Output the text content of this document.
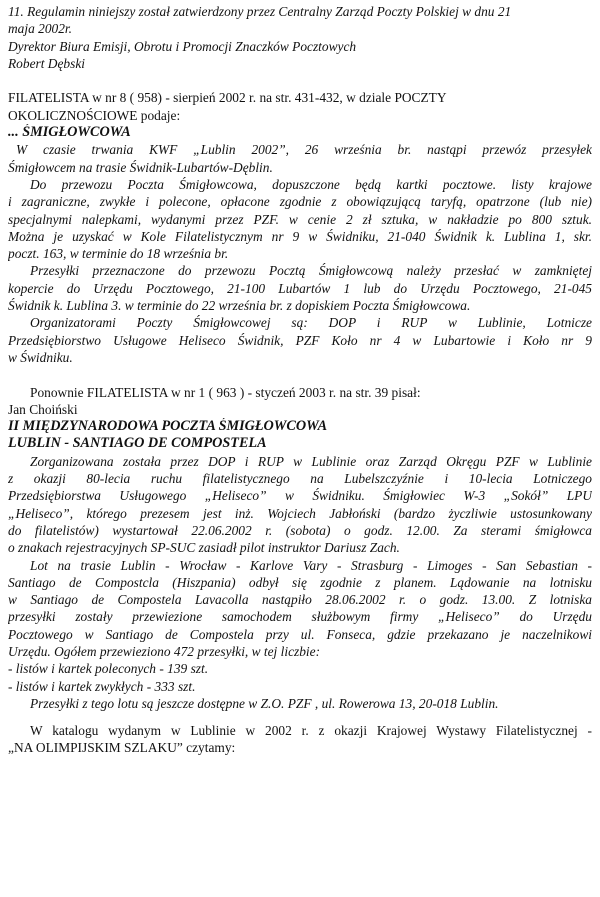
11. Regulamin niniejszy został zatwierdzony przez Centralny Zarząd Poczty Polskiej w dnu 21
maja 2002r.
Dyrektor Biura Emisji, Obrotu i Promocji Znaczków Pocztowych
Robert Dębski
FILATELISTA w nr 8 ( 958) - sierpień 2002 r. na str. 431-432, w dziale POCZTY
OKOLICZNOŚCIOWE podaje:
... ŚMIGŁOWCOWA
W czasie trwania KWF „Lublin 2002”, 26 września br. nastąpi przewóz przesyłek
Śmigłowcem na trasie Świdnik-Lubartów-Dęblin.
Do przewozu Poczta Śmigłowcowa, dopuszczone będą kartki pocztowe. listy krajowe
i zagraniczne, zwykłe i polecone, opłacone zgodnie z obowiązującą taryfą, opatrzone (lub nie)
specjalnymi nalepkami, wydanymi przez PZF. w cenie 2 zł sztuka, w nakładzie po 800 sztuk.
Można je uzyskać w Kole Filatelistycznym nr 9 w Świdniku, 21-040 Świdnik k. Lublina 1, skr.
poczt. 163, w terminie do 18 września br.
Przesyłki przeznaczone do przewozu Pocztą Śmigłowcową należy przesłać w zamkniętej
kopercie do Urzędu Pocztowego, 21-100 Lubartów 1 lub do Urzędu Pocztowego, 21-045
Świdnik k. Lublina 3. w terminie do 22 września br. z dopiskiem Poczta Śmigłowcowa.
Organizatorami Poczty Śmigłowcowej są: DOP i RUP w Lublinie, Lotnicze
Przedsiębiorstwo Usługowe Heliseco Świdnik, PZF Koło nr 4 w Lubartowie i Koło nr 9
w Świdniku.
Ponownie FILATELISTA w nr 1 ( 963 ) - styczeń 2003 r. na str. 39 pisał:
Jan Choiński
II MIĘDZYNARODOWA POCZTA ŚMIGŁOWCOWA
LUBLIN - SANTIAGO DE COMPOSTELA
Zorganizowana została przez DOP i RUP w Lublinie oraz Zarząd Okręgu PZF w Lublinie
z okazji 80-lecia ruchu filatelistycznego na Lubelszczyźnie i 10-lecia Lotniczego
Przedsiębiorstwa Usługowego „Heliseco” w Świdniku. Śmigłowiec W-3 „Sokół” LPU
„Heliseco”, którego prezesem jest inż. Wojciech Jabłoński (bardzo życzliwie ustosunkowany
do filatelistów) wystartował 22.06.2002 r. (sobota) o godz. 12.00. Za sterami śmigłowca
o znakach rejestracyjnych SP-SUC zasiadł pilot instruktor Dariusz Zach.
Lot na trasie Lublin - Wrocław - Karlove Vary - Strasburg - Limoges - San Sebastian -
Santiago de Compostcla (Hiszpania) odbył się zgodnie z planem. Lądowanie na lotnisku
w Santiago de Compostela Lavacolla nastąpiło 28.06.2002 r. o godz. 13.00. Z lotniska
przesyłki zostały przewiezione samochodem służbowym firmy „Heliseco” do Urzędu
Pocztowego w Santiago de Compostela przy ul. Fonseca, gdzie przekazano je naczelnikowi
Urzędu. Ogółem przewieziono 472 przesyłki, w tej liczbie:
- listów i kartek poleconych - 139 szt.
- listów i kartek zwykłych - 333 szt.
Przesyłki z tego lotu są jeszcze dostępne w Z.O. PZF , ul. Rowerowa 13, 20-018 Lublin.
W katalogu wydanym w Lublinie w 2002 r. z okazji Krajowej Wystawy Filatelistycznej -
„NA OLIMPIJSKIM SZLAKU” czytamy:
